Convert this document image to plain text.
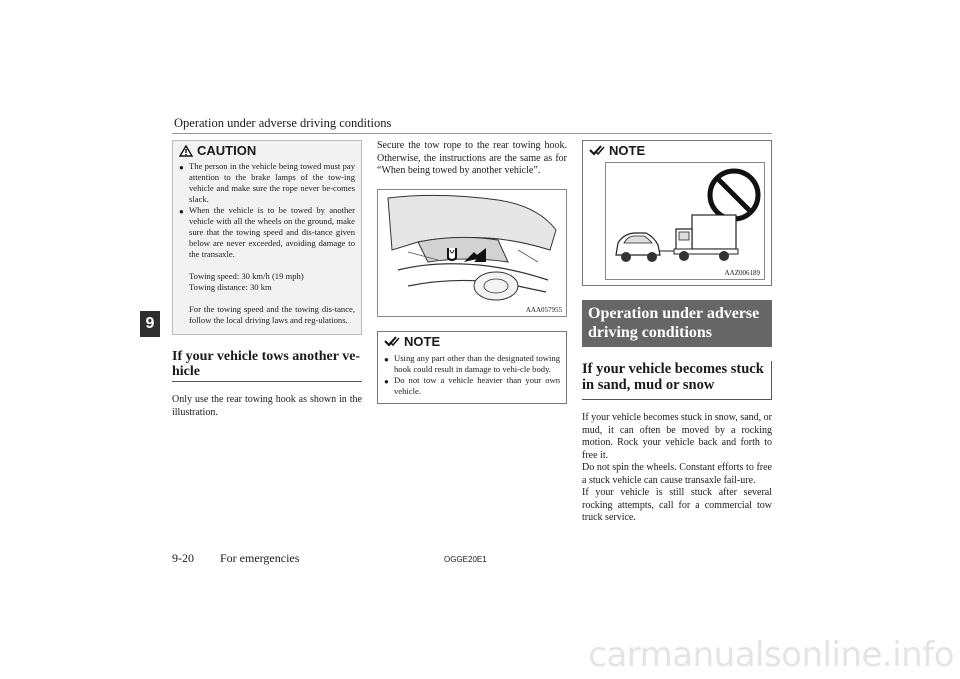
Operation under adverse driving conditions
9
CAUTION
● The person in the vehicle being towed must pay attention to the brake lamps of the tow-ing vehicle and make sure the rope never be-comes slack.
● When the vehicle is to be towed by another vehicle with all the wheels on the ground, make sure that the towing speed and dis-tance given below are never exceeded, avoiding damage to the transaxle.
Towing speed: 30 km/h (19 mph)
Towing distance: 30 km
For the towing speed and the towing dis-tance, follow the local driving laws and reg-ulations.
If your vehicle tows another ve-hicle
Only use the rear towing hook as shown in the illustration.
Secure the tow rope to the rear towing hook. Otherwise, the instructions are the same as for “When being towed by another vehicle”.
AAA057955
NOTE
● Using any part other than the designated towing hook could result in damage to vehi-cle body.
● Do not tow a vehicle heavier than your own vehicle.
NOTE
AAZ006189
Operation under adverse driving conditions
If your vehicle becomes stuck in sand, mud or snow
If your vehicle becomes stuck in snow, sand, or mud, it can often be moved by a rocking motion. Rock your vehicle back and forth to free it.
Do not spin the wheels. Constant efforts to free a stuck vehicle can cause transaxle fail-ure.
If your vehicle is still stuck after several rocking attempts, call for a commercial tow truck service.
9-20 For emergencies	OGGE20E1
carmanualsonline.info
